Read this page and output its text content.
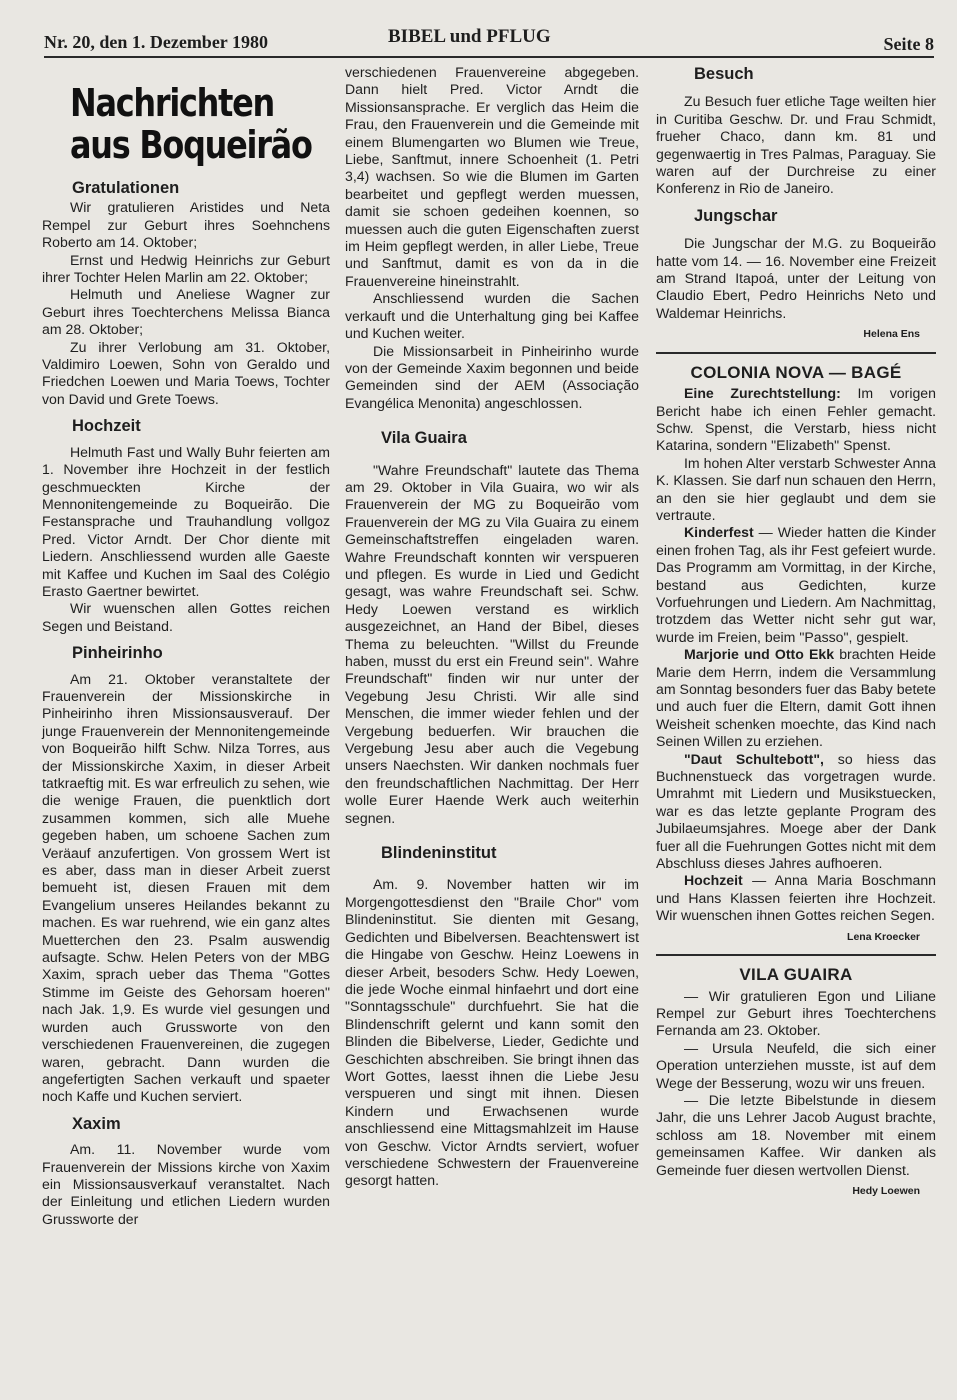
Nr. 20, den 1. Dezember 1980	BIBEL und PFLUG	Seite 8
Nachrichten
aus Boqueirão
Gratulationen

Wir gratulieren Aristides und Neta Rempel zur Geburt ihres Soehnchens Roberto am 14. Oktober;

Ernst und Hedwig Heinrichs zur Geburt ihrer Tochter Helen Marlin am 22. Oktober;

Helmuth und Aneliese Wagner zur Geburt ihres Toechterchens Melissa Bianca am 28. Oktober;

Zu ihrer Verlobung am 31. Oktober, Valdimiro Loewen, Sohn von Geraldo und Friedchen Loewen und Maria Toews, Tochter von David und Grete Toews.

Hochzeit

Helmuth Fast und Wally Buhr feierten am 1. November ihre Hochzeit in der festlich geschmueckten Kirche der Mennonitengemeinde zu Boqueirão. Die Festansprache und Trauhandlung vollgoz Pred. Victor Arndt. Der Chor diente mit Liedern. Anschliessend wurden alle Gaeste mit Kaffee und Kuchen im Saal des Colégio Erasto Gaertner bewirtet.

Wir wuenschen allen Gottes reichen Segen und Beistand.

Pinheirinho

Am 21. Oktober veranstaltete der Frauenverein der Missionskirche in Pinheirinho ihren Missionsausverauf. Der junge Frauenverein der Mennonitengemeinde von Boqueirão hilft Schw. Nilza Torres, aus der Missionskirche Xaxim, in dieser Arbeit tatkraeftig mit. Es war erfreulich zu sehen, wie die wenige Frauen, die puenktlich dort zusammen kommen, sich alle Muehe gegeben haben, um schoene Sachen zum Veräauf anzufertigen. Von grossem Wert ist es aber, dass man in dieser Arbeit zuerst bemueht ist, diesen Frauen mit dem Evangelium unseres Heilandes bekannt zu machen. Es war ruehrend, wie ein ganz altes Muetterchen den 23. Psalm auswendig aufsagte. Schw. Helen Peters von der MBG Xaxim, sprach ueber das Thema "Gottes Stimme im Geiste des Gehorsam hoeren" nach Jak. 1,9. Es wurde viel gesungen und wurden auch Grussworte von den verschiedenen Frauenvereinen, die zugegen waren, gebracht. Dann wurden die angefertigten Sachen verkauft und spaeter noch Kaffe und Kuchen serviert.

Xaxim

Am. 11. November wurde vom Frauenverein der Missions kirche von Xaxim ein Missionsausverkauf veranstaltet. Nach der Einleitung und etlichen Liedern wurden Grussworte der

verschiedenen Frauenvereine abgegeben. Dann hielt Pred. Victor Arndt die Missionsansprache. Er verglich das Heim die Frau, den Frauenverein und die Gemeinde mit einem Blumengarten wo Blumen wie Treue, Liebe, Sanftmut, innere Schoenheit (1. Petri 3,4) wachsen. So wie die Blumen im Garten bearbeitet und gepflegt werden muessen, damit sie schoen gedeihen koennen, so muessen auch die guten Eigenschaften zuerst im Heim gepflegt werden, in aller Liebe, Treue und Sanftmut, damit es von da in die Frauenvereine hineinstrahlt.

Anschliessend wurden die Sachen verkauft und die Unterhaltung ging bei Kaffee und Kuchen weiter.

Die Missionsarbeit in Pinheirinho wurde von der Gemeinde Xaxim begonnen und beide Gemeinden sind der AEM (Associação Evangélica Menonita) angeschlossen.

Vila Guaira

"Wahre Freundschaft" lautete das Thema am 29. Oktober in Vila Guaira, wo wir als Frauenverein der MG zu Boqueirão vom Frauenverein der MG zu Vila Guaira zu einem Gemeinschaftstreffen eingeladen waren. Wahre Freundschaft konnten wir verspueren und pflegen. Es wurde in Lied und Gedicht gesagt, was wahre Freundschaft sei. Schw. Hedy Loewen verstand es wirklich ausgezeichnet, an Hand der Bibel, dieses Thema zu beleuchten. "Willst du Freunde haben, musst du erst ein Freund sein". Wahre Freundschaft" finden wir nur unter der Vegebung Jesu Christi. Wir alle sind Menschen, die immer wieder fehlen und der Vergebung beduerfen. Wir brauchen die Vergebung Jesu aber auch die Vegebung unsers Naechsten. Wir danken nochmals fuer den freundschaftlichen Nachmittag. Der Herr wolle Eurer Haende Werk auch weiterhin segnen.

Blindeninstitut

Am. 9. November hatten wir im Morgengottesdienst den "Braile Chor" vom Blindeninstitut. Sie dienten mit Gesang, Gedichten und Bibelversen. Beachtenswert ist die Hingabe von Geschw. Heinz Loewens in dieser Arbeit, besoders Schw. Hedy Loewen, die jede Woche einmal hinfaehrt und dort eine "Sonntagsschule" durchfuehrt. Sie hat die Blindenschrift gelernt und kann somit den Blinden die Bibelverse, Lieder, Gedichte und Geschichten abschreiben. Sie bringt ihnen das Wort Gottes, laesst ihnen die Liebe Jesu verspueren und singt mit ihnen. Diesen Kindern und Erwachsenen wurde anschliessend eine Mittagsmahlzeit im Hause von Geschw. Victor Arndts serviert, wofuer verschiedene Schwestern der Frauenvereine gesorgt hatten.

Besuch

Zu Besuch fuer etliche Tage weilten hier in Curitiba Geschw. Dr. und Frau Schmidt, frueher Chaco, dann km. 81 und gegenwaertig in Tres Palmas, Paraguay. Sie waren auf der Durchreise zu einer Konferenz in Rio de Janeiro.

Jungschar

Die Jungschar der M.G. zu Boqueirão hatte vom 14. — 16. November eine Freizeit am Strand Itapoá, unter der Leitung von Claudio Ebert, Pedro Heinrichs Neto und Waldemar Heinrichs.

Helena Ens
COLONIA NOVA — BAGÉ

Eine Zurechtstellung: Im vorigen Bericht habe ich einen Fehler gemacht. Schw. Spenst, die Verstarb, hiess nicht Katarina, sondern "Elizabeth" Spenst.

Im hohen Alter verstarb Schwester Anna K. Klassen. Sie darf nun schauen den Herrn, an den sie hier geglaubt und dem sie vertraute.

Kinderfest — Wieder hatten die Kinder einen frohen Tag, als ihr Fest gefeiert wurde. Das Programm am Vormittag, in der Kirche, bestand aus Gedichten, kurze Vorfuehrungen und Liedern. Am Nachmittag, trotzdem das Wetter nicht sehr gut war, wurde im Freien, beim "Passo", gespielt.

Marjorie und Otto Ekk brachten Heide Marie dem Herrn, indem die Versammlung am Sonntag besonders fuer das Baby betete und auch fuer die Eltern, damit Gott ihnen Weisheit schenken moechte, das Kind nach Seinen Willen zu erziehen.

"Daut Schultebott", so hiess das Buchnenstueck das vorgetragen wurde. Umrahmt mit Liedern und Musikstuecken, war es das letzte geplante Program des Jubilaeumsjahres. Moege aber der Dank fuer all die Fuehrungen Gottes nicht mit dem Abschluss dieses Jahres aufhoeren.

Hochzeit — Anna Maria Boschmann und Hans Klassen feierten ihre Hochzeit. Wir wuenschen ihnen Gottes reichen Segen.

Lena Kroecker
VILA GUAIRA

— Wir gratulieren Egon und Liliane Rempel zur Geburt ihres Toechterchens Fernanda am 23. Oktober.

— Ursula Neufeld, die sich einer Operation unterziehen musste, ist auf dem Wege der Besserung, wozu wir uns freuen.

— Die letzte Bibelstunde in diesem Jahr, die uns Lehrer Jacob August brachte, schloss am 18. November mit einem gemeinsamen Kaffee. Wir danken als Gemeinde fuer diesen wertvollen Dienst.

Hedy Loewen
